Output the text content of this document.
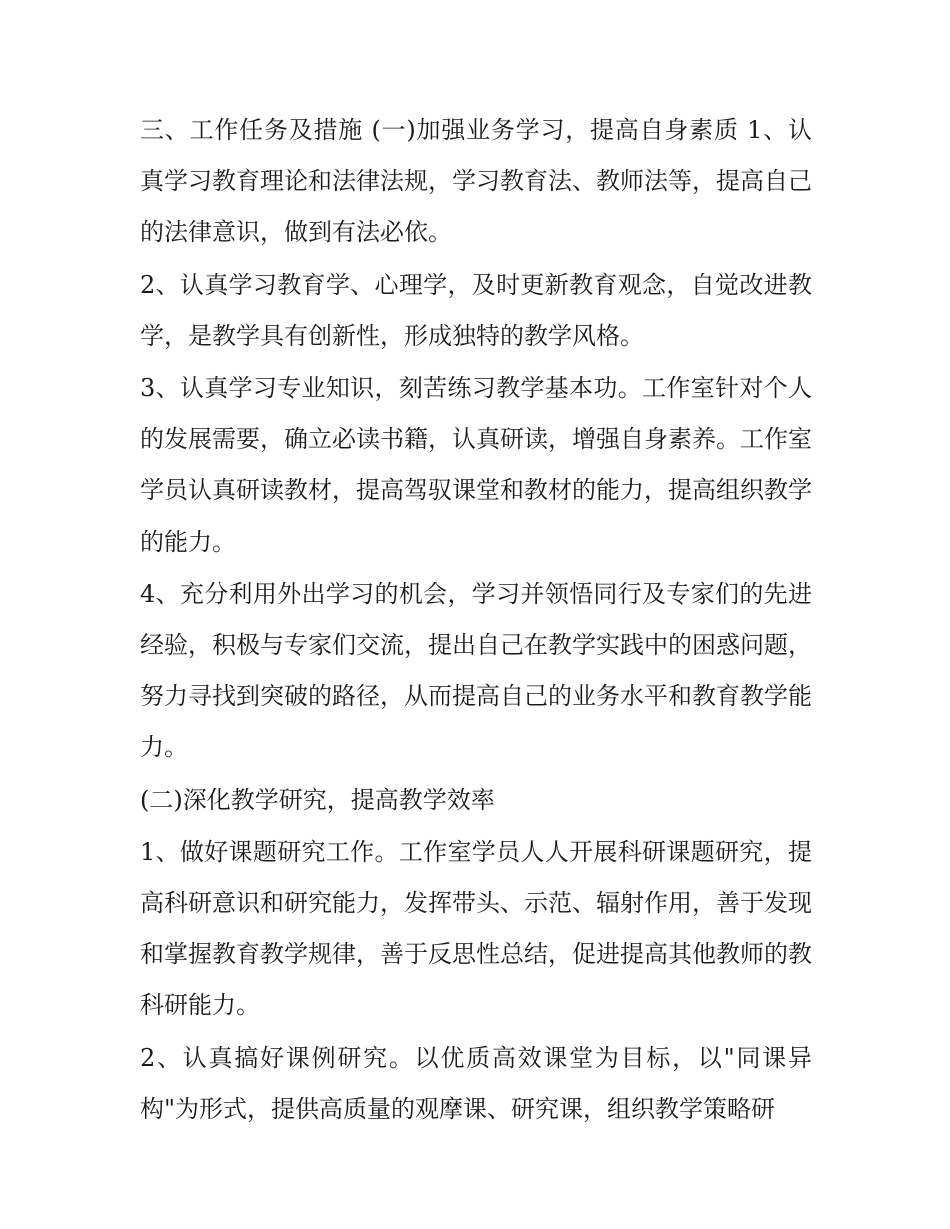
三、工作任务及措施 (一)加强业务学习，提高自身素质 1、认真学习教育理论和法律法规，学习教育法、教师法等，提高自己的法律意识，做到有法必依。

2、认真学习教育学、心理学，及时更新教育观念，自觉改进教学，是教学具有创新性，形成独特的教学风格。

3、认真学习专业知识，刻苦练习教学基本功。工作室针对个人的发展需要，确立必读书籍，认真研读，增强自身素养。工作室学员认真研读教材，提高驾驭课堂和教材的能力，提高组织教学的能力。

4、充分利用外出学习的机会，学习并领悟同行及专家们的先进经验，积极与专家们交流，提出自己在教学实践中的困惑问题，努力寻找到突破的路径，从而提高自己的业务水平和教育教学能力。

(二)深化教学研究，提高教学效率

1、做好课题研究工作。工作室学员人人开展科研课题研究，提高科研意识和研究能力，发挥带头、示范、辐射作用，善于发现和掌握教育教学规律，善于反思性总结，促进提高其他教师的教科研能力。

2、认真搞好课例研究。以优质高效课堂为目标，以"同课异构"为形式，提供高质量的观摩课、研究课，组织教学策略研
